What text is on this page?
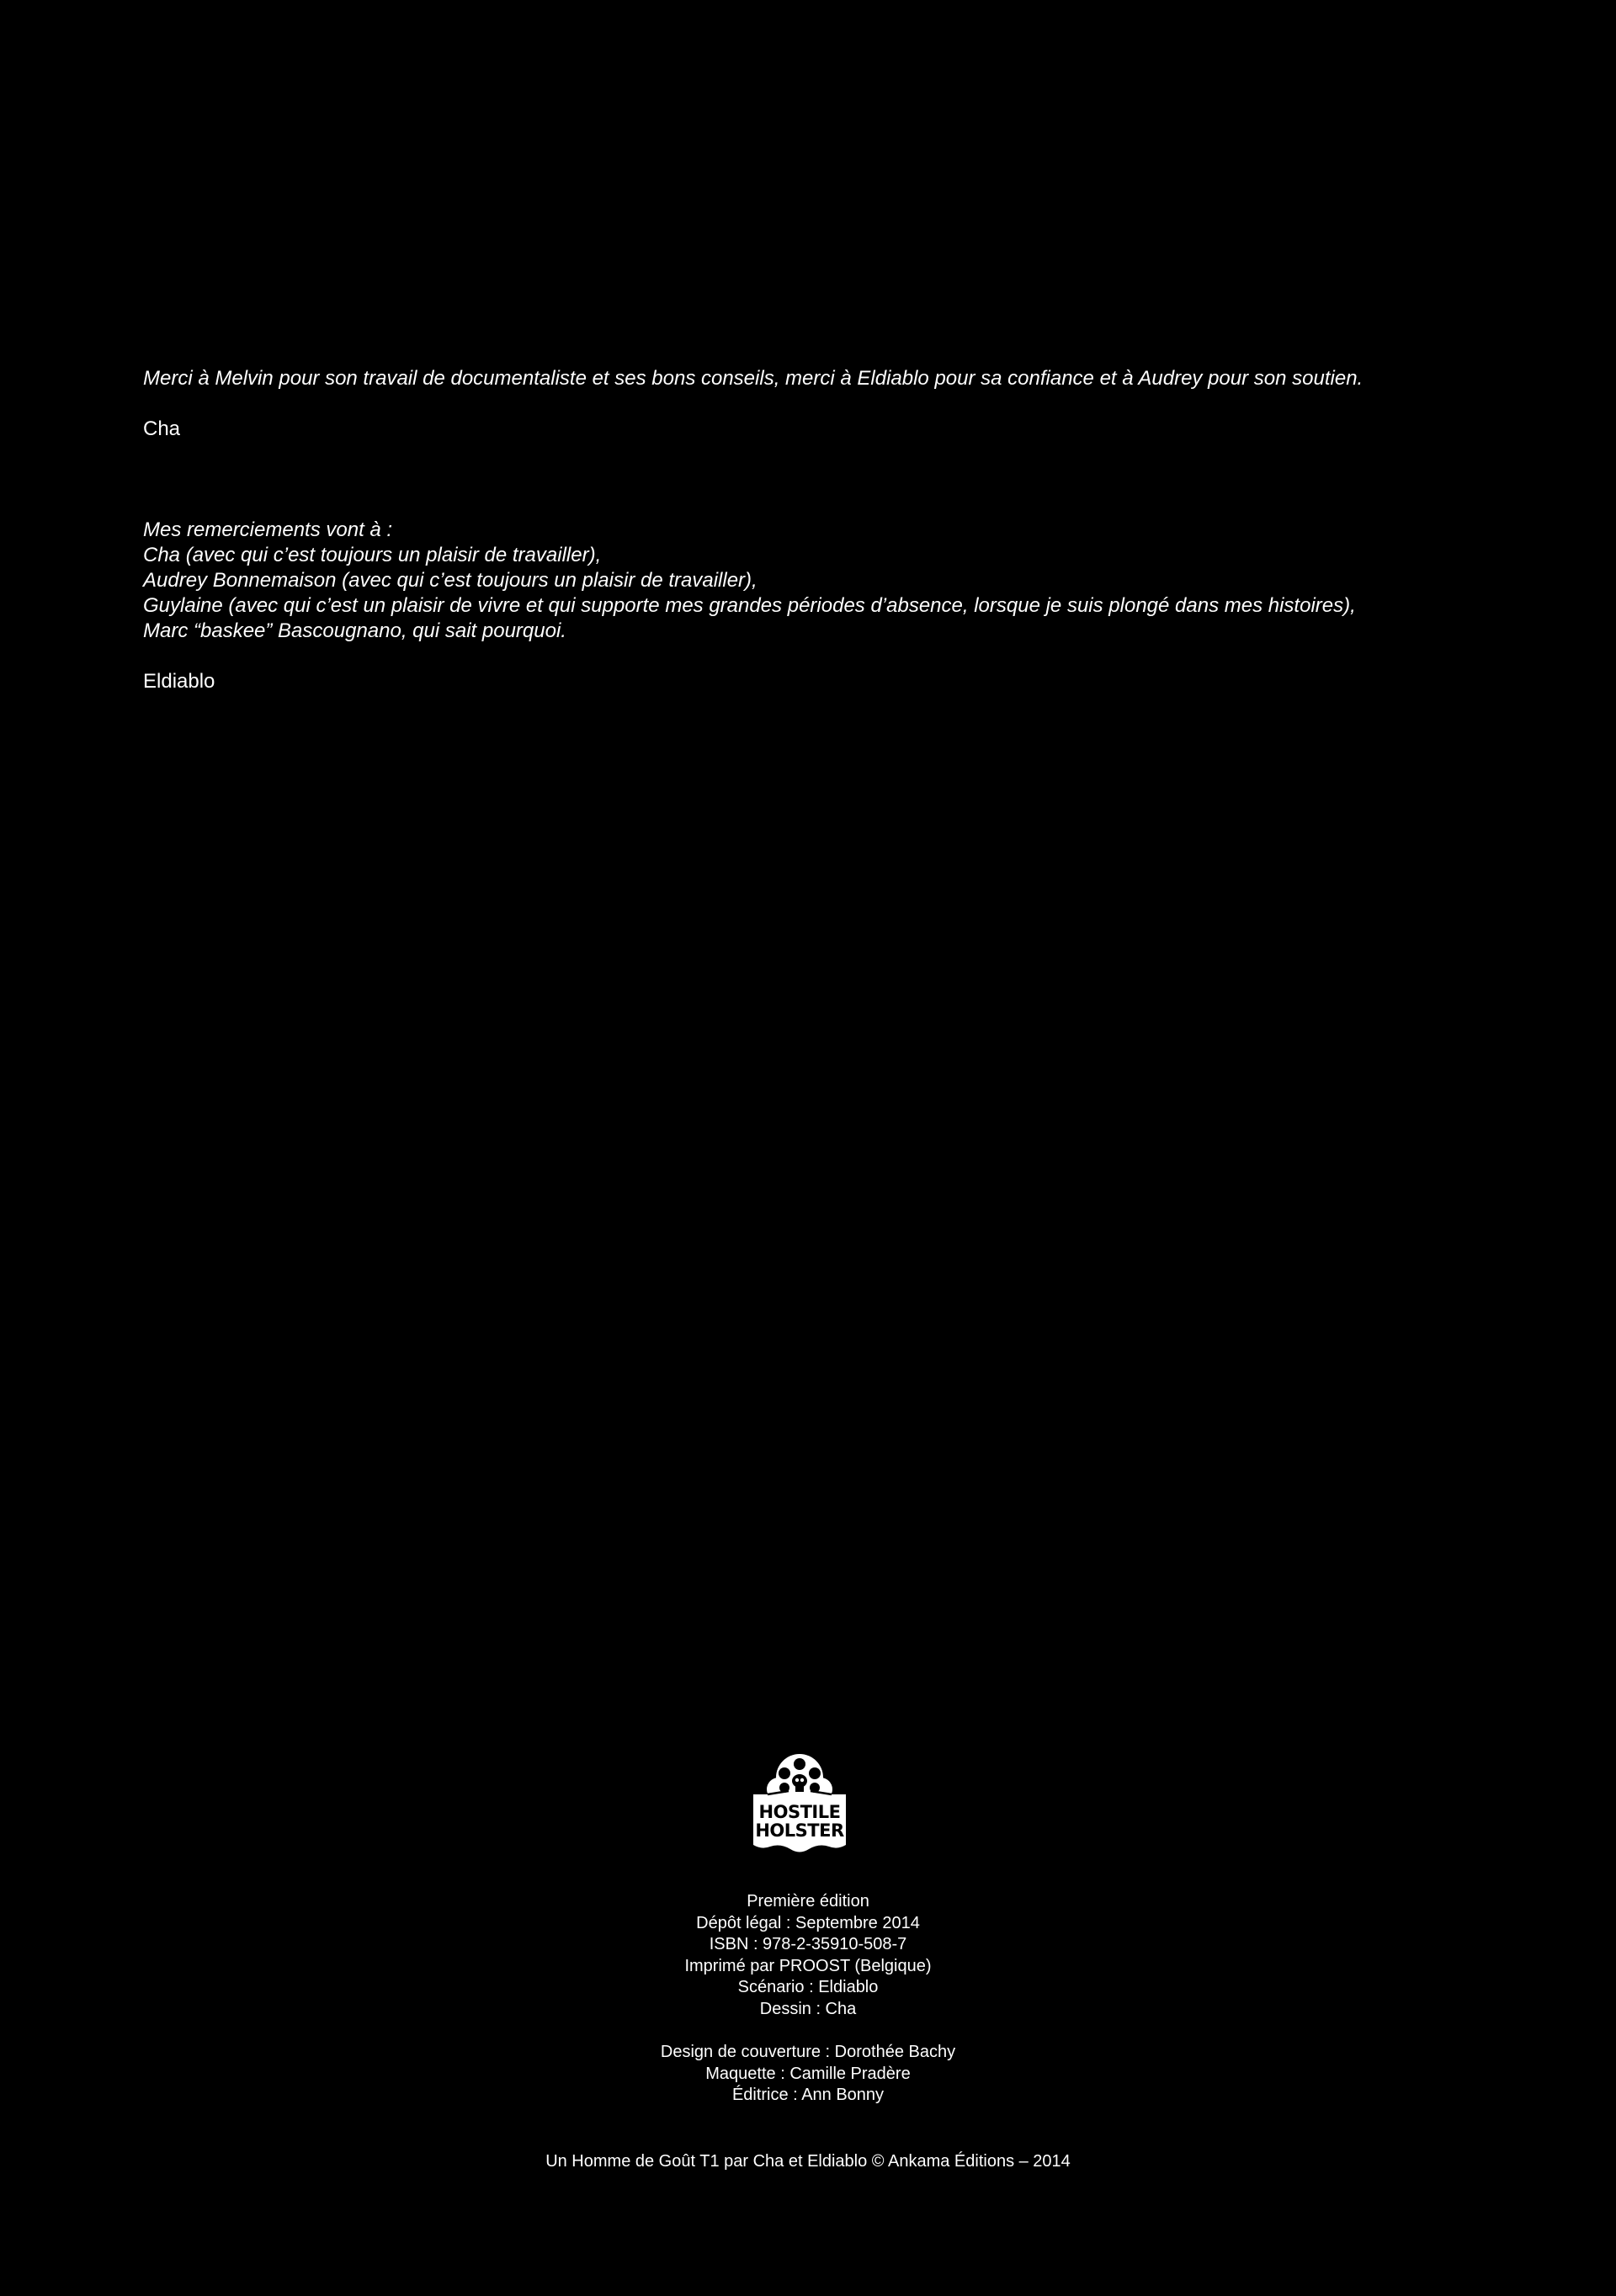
Merci à Melvin pour son travail de documentaliste et ses bons conseils, merci à Eldiablo pour sa confiance et à Audrey pour son soutien.

Cha

Mes remerciements vont à :

Cha (avec qui c’est toujours un plaisir de travailler),

Audrey Bonnemaison (avec qui c’est toujours un plaisir de travailler),

Guylaine (avec qui c’est un plaisir de vivre et qui supporte mes grandes périodes d’absence, lorsque je suis plongé dans mes histoires),

Marc “baskee” Bascougnano, qui sait pourquoi.

Eldiablo

HOSTILE
HOLSTER
Première édition
Dépôt légal : Septembre 2014
ISBN : 978-2-35910-508-7
Imprimé par PROOST (Belgique)
Scénario : Eldiablo
Dessin : Cha
Design de couverture : Dorothée Bachy
Maquette : Camille Pradère
Éditrice : Ann Bonny

Un Homme de Goût T1 par Cha et Eldiablo © Ankama Éditions – 2014
